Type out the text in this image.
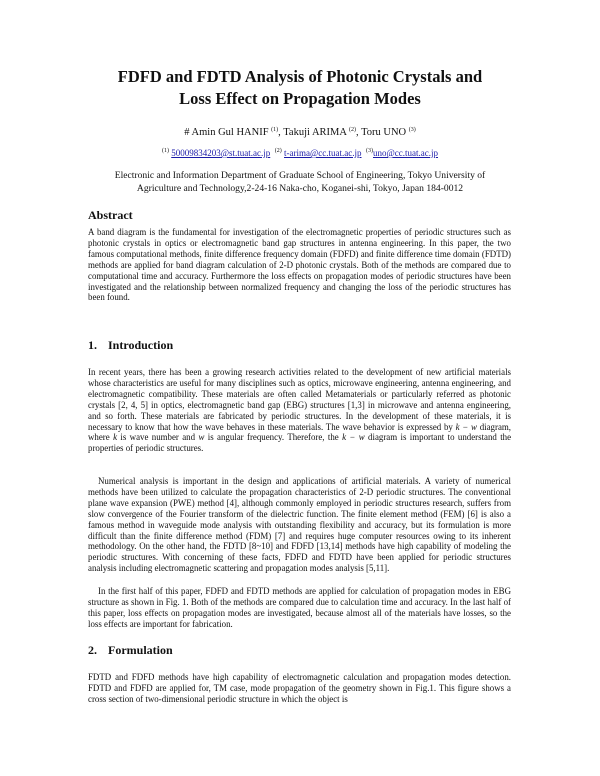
FDFD and FDTD Analysis of Photonic Crystals and
Loss Effect on Propagation Modes
# Amin Gul HANIF $^{(1)}$, Takuji ARIMA $^{(2)}$, Toru UNO $^{(3)}$
$^{(1)}$ 50009834203@st.tuat.ac.jp $^{(2)}$ t-arima@cc.tuat.ac.jp $^{(3)}$uno@cc.tuat.ac.jp
Electronic and Information Department of Graduate School of Engineering, Tokyo University of
Agriculture and Technology,2-24-16 Naka-cho, Koganei-shi, Tokyo, Japan 184-0012
Abstract
A band diagram is the fundamental for investigation of the electromagnetic properties of periodic structures such as photonic crystals in optics or electromagnetic band gap structures in antenna engineering. In this paper, the two famous computational methods, finite difference frequency domain (FDFD) and finite difference time domain (FDTD) methods are applied for band diagram calculation of 2-D photonic crystals. Both of the methods are compared due to computational time and accuracy. Furthermore the loss effects on propagation modes of periodic structures have been investigated and the relationship between normalized frequency and changing the loss of the periodic structures has been found.
1. Introduction
In recent years, there has been a growing research activities related to the development of new artificial materials whose characteristics are useful for many disciplines such as optics, microwave engineering, antenna engineering, and electromagnetic compatibility. These materials are often called Metamaterials or particularly referred as photonic crystals [2, 4, 5] in optics, electromagnetic band gap (EBG) structures [1,3] in microwave and antenna engineering, and so forth. These materials are fabricated by periodic structures. In the development of these materials, it is necessary to know that how the wave behaves in these materials. The wave behavior is expressed by k − w diagram, where k is wave number and w is angular frequency. Therefore, the k − w diagram is important to understand the properties of periodic structures.
Numerical analysis is important in the design and applications of artificial materials. A variety of numerical methods have been utilized to calculate the propagation characteristics of 2-D periodic structures. The conventional plane wave expansion (PWE) method [4], although commonly employed in periodic structures research, suffers from slow convergence of the Fourier transform of the dielectric function. The finite element method (FEM) [6] is also a famous method in waveguide mode analysis with outstanding flexibility and accuracy, but its formulation is more difficult than the finite difference method (FDM) [7] and requires huge computer resources owing to its inherent methodology. On the other hand, the FDTD [8~10] and FDFD [13,14] methods have high capability of modeling the periodic structures. With concerning of these facts, FDFD and FDTD have been applied for periodic structures analysis including electromagnetic scattering and propagation modes analysis [5,11].
In the first half of this paper, FDFD and FDTD methods are applied for calculation of propagation modes in EBG structure as shown in Fig. 1. Both of the methods are compared due to calculation time and accuracy. In the last half of this paper, loss effects on propagation modes are investigated, because almost all of the materials have losses, so the loss effects are important for fabrication.
2. Formulation
FDTD and FDFD methods have high capability of electromagnetic calculation and propagation modes detection. FDTD and FDFD are applied for, TM case, mode propagation of the geometry shown in Fig.1. This figure shows a cross section of two-dimensional periodic structure in which the object is
